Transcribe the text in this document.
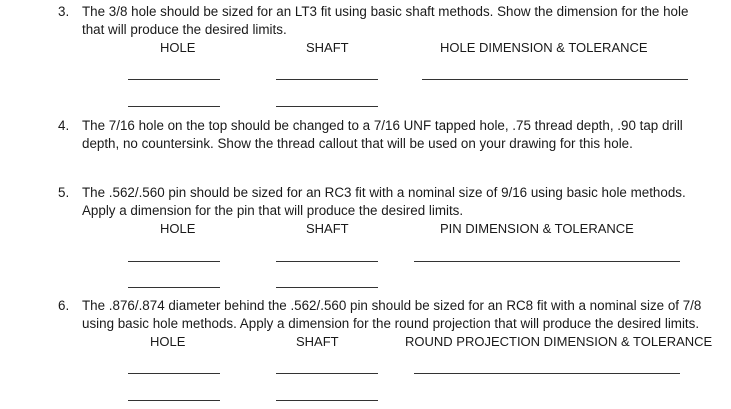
3. The 3/8 hole should be sized for an LT3 fit using basic shaft methods. Show the dimension for the hole
that will produce the desired limits.
HOLE	SHAFT	HOLE DIMENSION & TOLERANCE
4. The 7/16 hole on the top should be changed to a 7/16 UNF tapped hole, .75 thread depth, .90 tap drill
depth, no countersink. Show the thread callout that will be used on your drawing for this hole.
5. The .562/.560 pin should be sized for an RC3 fit with a nominal size of 9/16 using basic hole methods.
Apply a dimension for the pin that will produce the desired limits.
HOLE	SHAFT	PIN DIMENSION & TOLERANCE
6. The .876/.874 diameter behind the .562/.560 pin should be sized for an RC8 fit with a nominal size of 7/8
using basic hole methods. Apply a dimension for the round projection that will produce the desired limits.
HOLE	SHAFT	ROUND PROJECTION DIMENSION & TOLERANCE
